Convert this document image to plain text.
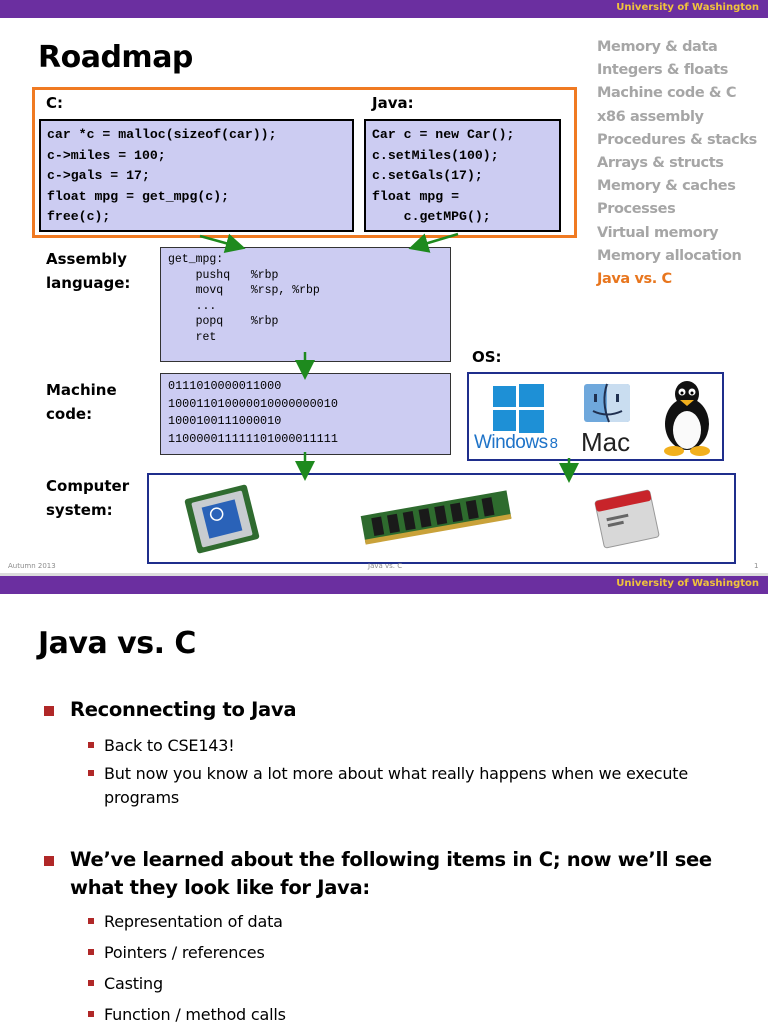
University of Washington
Roadmap	Memory & data
Integers & floats
Machine code & C
x86 assembly
Procedures & stacks
Arrays & structs
Memory & caches
Processes
Virtual memory
Memory allocation
Java vs. C
C:	Java:
car *c = malloc(sizeof(car));
c->miles = 100;
c->gals = 17;
float mpg = get_mpg(c);
free(c);
Car c = new Car();
c.setMiles(100);
c.setGals(17);
float mpg =
c.getMPG();
Assembly
language:
get_mpg:
pushq   %rbp
movq    %rsp, %rbp
...
popq    %rbp
ret
OS:
Machine
code:
0111010000011000
100011010000010000000010
1000100111000010
110000011111101000011111	Windows 8 Mac
Computer
system:
Autumn 2013	Java vs. C	1
University of Washington
Java vs. C
Reconnecting to Java
Back to CSE143!
But now you know a lot more about what really happens when we execute programs
We’ve learned about the following items in C; now we’ll see what they look like for Java:
Representation of data
Pointers / references
Casting
Function / method calls
